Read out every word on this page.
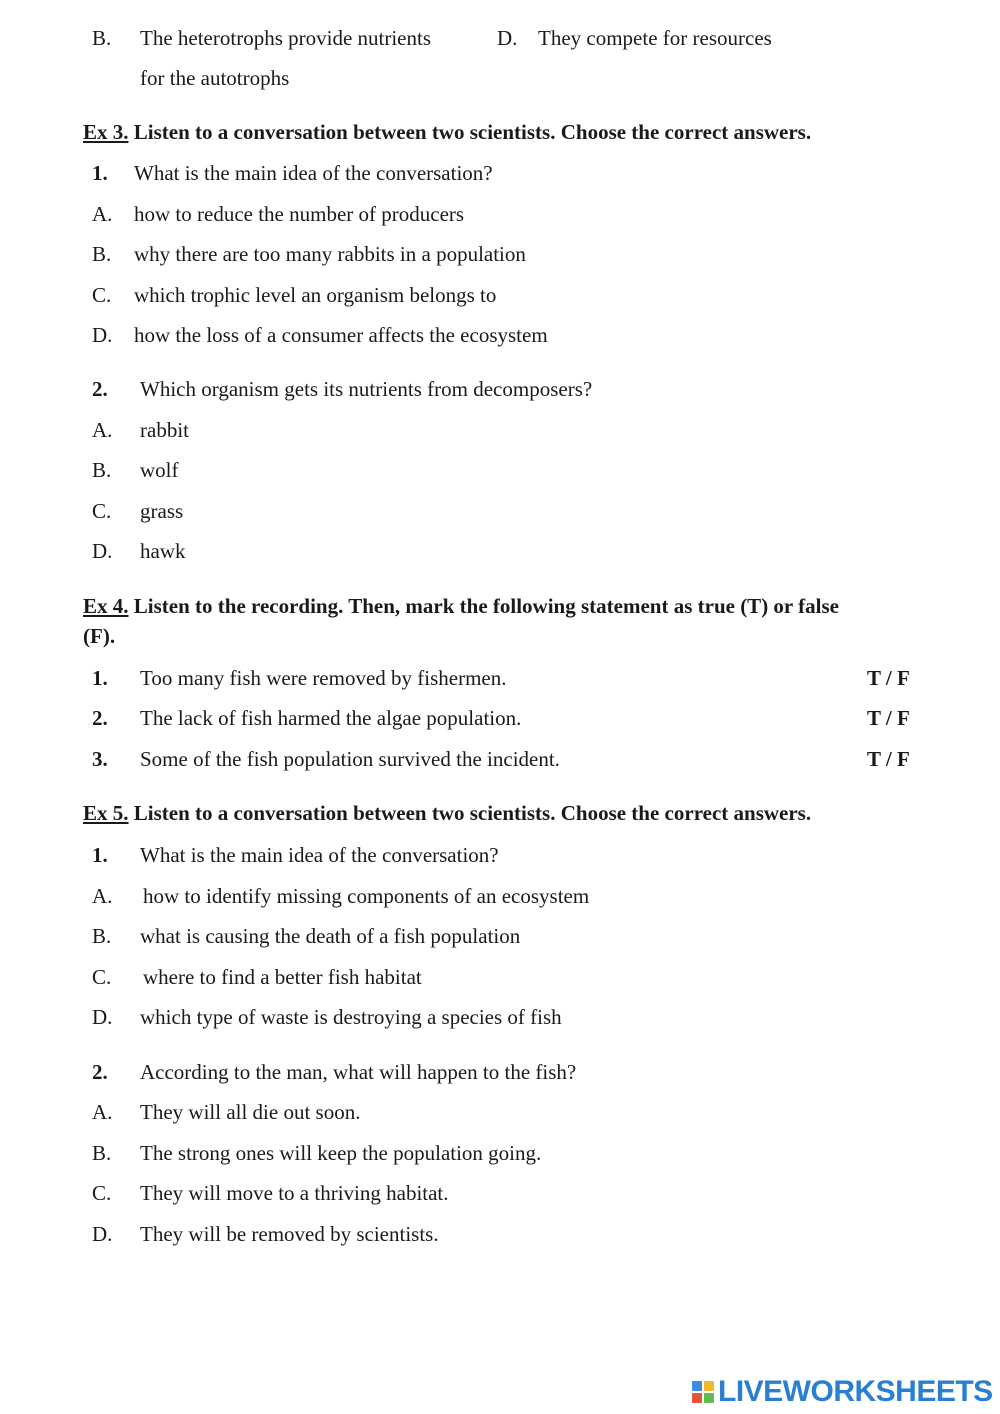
B. The heterotrophs provide nutrients
for the autotrophs
D. They compete for resources
Ex 3. Listen to a conversation between two scientists. Choose the correct answers.
1. What is the main idea of the conversation?
A. how to reduce the number of producers
B. why there are too many rabbits in a population
C. which trophic level an organism belongs to
D. how the loss of a consumer affects the ecosystem
2. Which organism gets its nutrients from decomposers?
A. rabbit
B. wolf
C. grass
D. hawk
Ex 4. Listen to the recording. Then, mark the following statement as true (T) or false
(F).
1. Too many fish were removed by fishermen.	T / F
2. The lack of fish harmed the algae population.	T / F
3. Some of the fish population survived the incident.	T / F
Ex 5. Listen to a conversation between two scientists. Choose the correct answers.
1. What is the main idea of the conversation?
A. how to identify missing components of an ecosystem
B. what is causing the death of a fish population
C. where to find a better fish habitat
D. which type of waste is destroying a species of fish
2. According to the man, what will happen to the fish?
A. They will all die out soon.
B. The strong ones will keep the population going.
C. They will move to a thriving habitat.
D. They will be removed by scientists.
LIVEWORKSHEETS
